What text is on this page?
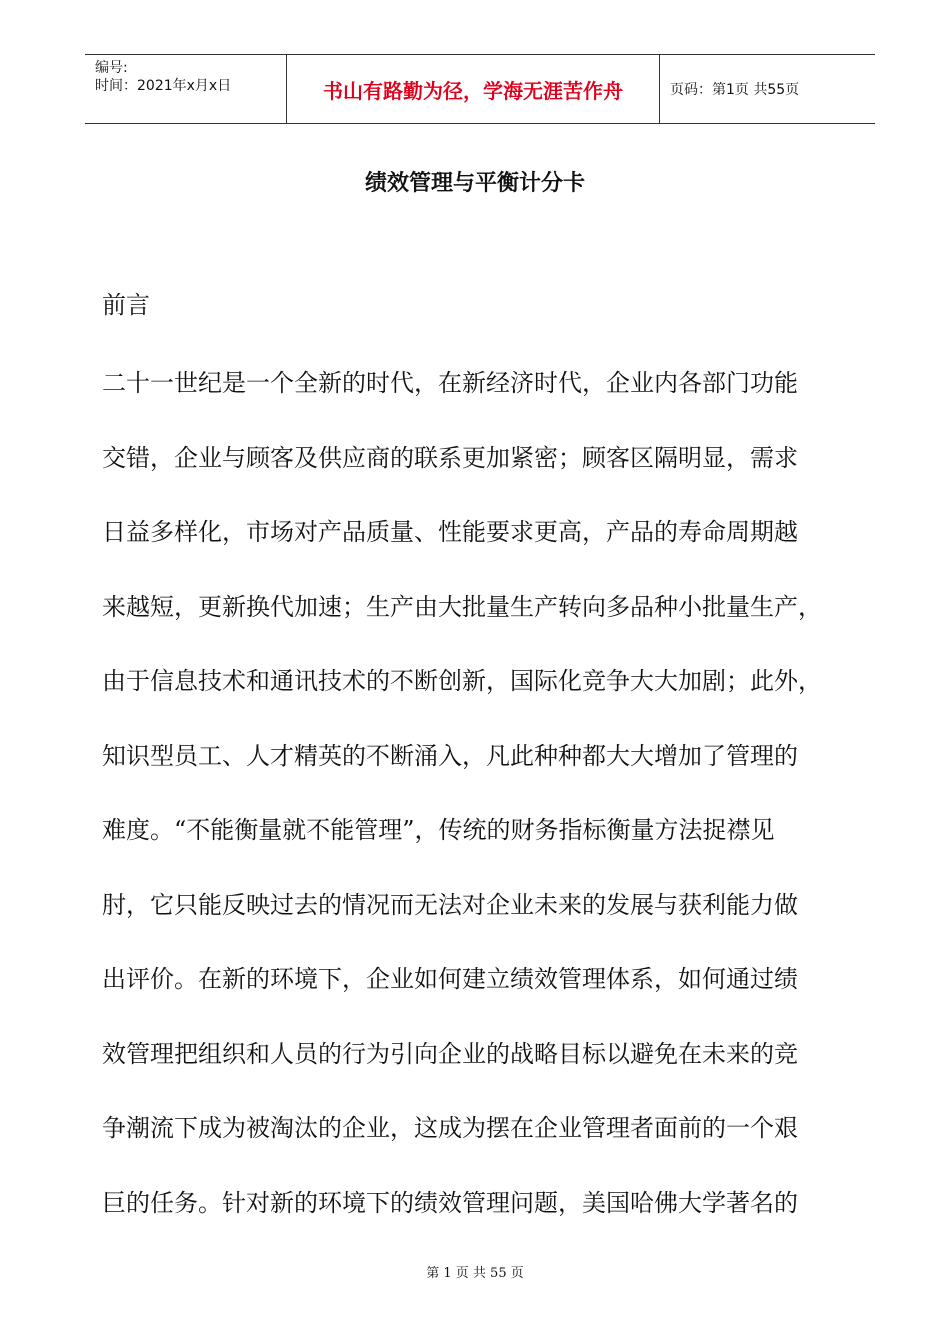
编号:
时间：2021年x月x日	书山有路勤为径，学海无涯苦作舟	页码：第1页 共55页
绩效管理与平衡计分卡
前言
二十一世纪是一个全新的时代，在新经济时代，企业内各部门功能
交错，企业与顾客及供应商的联系更加紧密；顾客区隔明显，需求
日益多样化，市场对产品质量、性能要求更高，产品的寿命周期越
来越短，更新换代加速；生产由大批量生产转向多品种小批量生产，
由于信息技术和通讯技术的不断创新，国际化竞争大大加剧；此外，
知识型员工、人才精英的不断涌入，凡此种种都大大增加了管理的
难度。“不能衡量就不能管理”，传统的财务指标衡量方法捉襟见
肘，它只能反映过去的情况而无法对企业未来的发展与获利能力做
出评价。在新的环境下，企业如何建立绩效管理体系，如何通过绩
效管理把组织和人员的行为引向企业的战略目标以避免在未来的竞
争潮流下成为被淘汰的企业，这成为摆在企业管理者面前的一个艰
巨的任务。针对新的环境下的绩效管理问题，美国哈佛大学著名的
第 1 页 共 55 页
